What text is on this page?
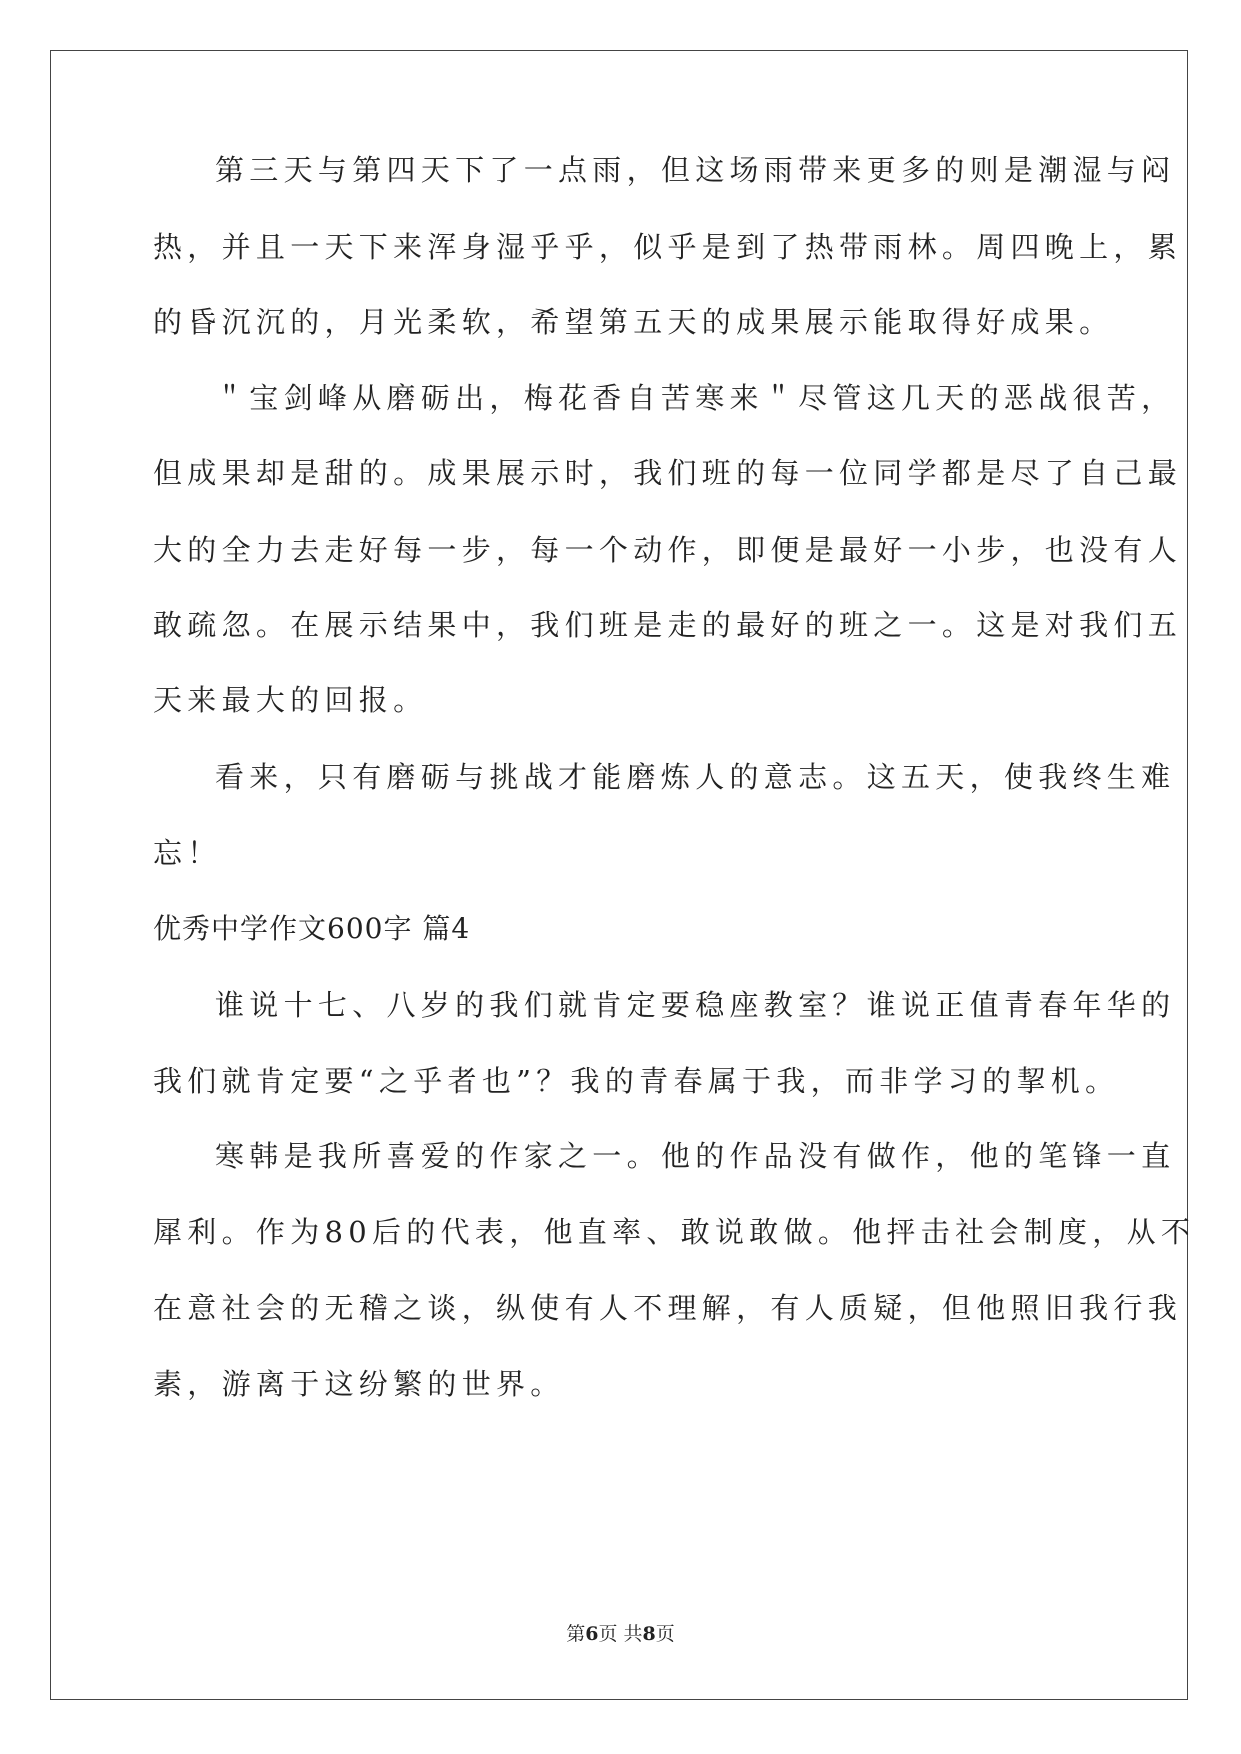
第三天与第四天下了一点雨，但这场雨带来更多的则是潮湿与闷
热，并且一天下来浑身湿乎乎，似乎是到了热带雨林。周四晚上，累
的昏沉沉的，月光柔软，希望第五天的成果展示能取得好成果。
＂宝剑峰从磨砺出，梅花香自苦寒来＂尽管这几天的恶战很苦，
但成果却是甜的。成果展示时，我们班的每一位同学都是尽了自己最
大的全力去走好每一步，每一个动作，即便是最好一小步，也没有人
敢疏忽。在展示结果中，我们班是走的最好的班之一。这是对我们五
天来最大的回报。
看来，只有磨砺与挑战才能磨炼人的意志。这五天，使我终生难
忘！
优秀中学作文600字 篇4
谁说十七、八岁的我们就肯定要稳座教室？谁说正值青春年华的
我们就肯定要“之乎者也”？我的青春属于我，而非学习的挈机。
寒韩是我所喜爱的作家之一。他的作品没有做作，他的笔锋一直
犀利。作为80后的代表，他直率、敢说敢做。他抨击社会制度，从不
在意社会的无稽之谈，纵使有人不理解，有人质疑，但他照旧我行我
素，游离于这纷繁的世界。
第6页 共8页
